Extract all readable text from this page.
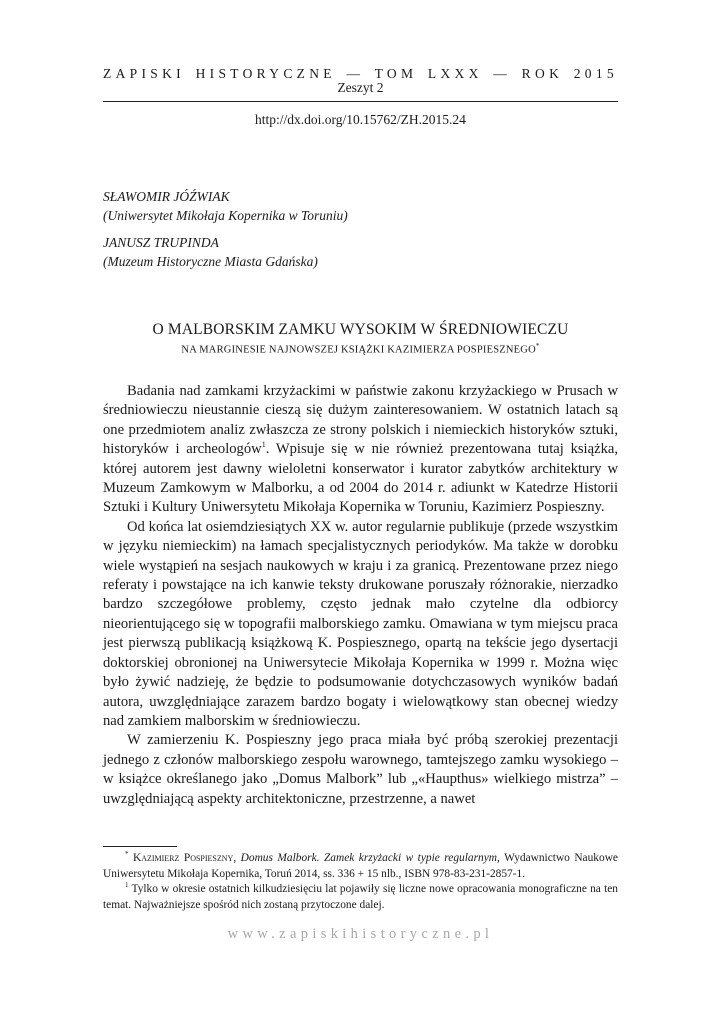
ZAPISKI HISTORYCZNE — TOM LXXX — ROK 2015
Zeszyt 2
http://dx.doi.org/10.15762/ZH.2015.24
SŁAWOMIR JÓŹWIAK
(Uniwersytet Mikołaja Kopernika w Toruniu)
JANUSZ TRUPINDA
(Muzeum Historyczne Miasta Gdańska)
O MALBORSKIM ZAMKU WYSOKIM W ŚREDNIOWIECZU
NA MARGINESIE NAJNOWSZEJ KSIĄŻKI KAZIMIERZA POSPIESZNEGO*

Badania nad zamkami krzyżackimi w państwie zakonu krzyżackiego w Prusach w średniowieczu nieustannie cieszą się dużym zainteresowaniem. W ostatnich latach są one przedmiotem analiz zwłaszcza ze strony polskich i niemieckich historyków sztuki, historyków i archeologów$^1$. Wpisuje się w nie również prezentowana tutaj książka, której autorem jest dawny wieloletni konserwator i kurator zabytków architektury w Muzeum Zamkowym w Malborku, a od 2004 do 2014 r. adiunkt w Katedrze Historii Sztuki i Kultury Uniwersytetu Mikołaja Kopernika w Toruniu, Kazimierz Pospieszny.

Od końca lat osiemdziesiątych XX w. autor regularnie publikuje (przede wszystkim w języku niemieckim) na łamach specjalistycznych periodyków. Ma także w dorobku wiele wystąpień na sesjach naukowych w kraju i za granicą. Prezentowane przez niego referaty i powstające na ich kanwie teksty drukowane poruszały różnorakie, nierzadko bardzo szczegółowe problemy, często jednak mało czytelne dla odbiorcy nieorientującego się w topografii malborskiego zamku. Omawiana w tym miejscu praca jest pierwszą publikacją książkową K. Pospiesznego, opartą na tekście jego dysertacji doktorskiej obronionej na Uniwersytecie Mikołaja Kopernika w 1999 r. Można więc było żywić nadzieję, że będzie to podsumowanie dotychczasowych wyników badań autora, uwzględniające zarazem bardzo bogaty i wielowątkowy stan obecnej wiedzy nad zamkiem malborskim w średniowieczu.

W zamierzeniu K. Pospieszny jego praca miała być próbą szerokiej prezentacji jednego z członów malborskiego zespołu warownego, tamtejszego zamku wysokiego – w książce określanego jako „Domus Malbork” lub „«Haupthus» wielkiego mistrza” – uwzględniającą aspekty architektoniczne, przestrzenne, a nawet

* Kazimierz Pospieszny, Domus Malbork. Zamek krzyżacki w typie regularnym, Wydawnictwo Naukowe Uniwersytetu Mikołaja Kopernika, Toruń 2014, ss. 336 + 15 nlb., ISBN 978-83-231-2857-1.

$^1$ Tylko w okresie ostatnich kilkudziesięciu lat pojawiły się liczne nowe opracowania monograficzne na ten temat. Najważniejsze spośród nich zostaną przytoczone dalej.

www.zapiskihistoryczne.pl
